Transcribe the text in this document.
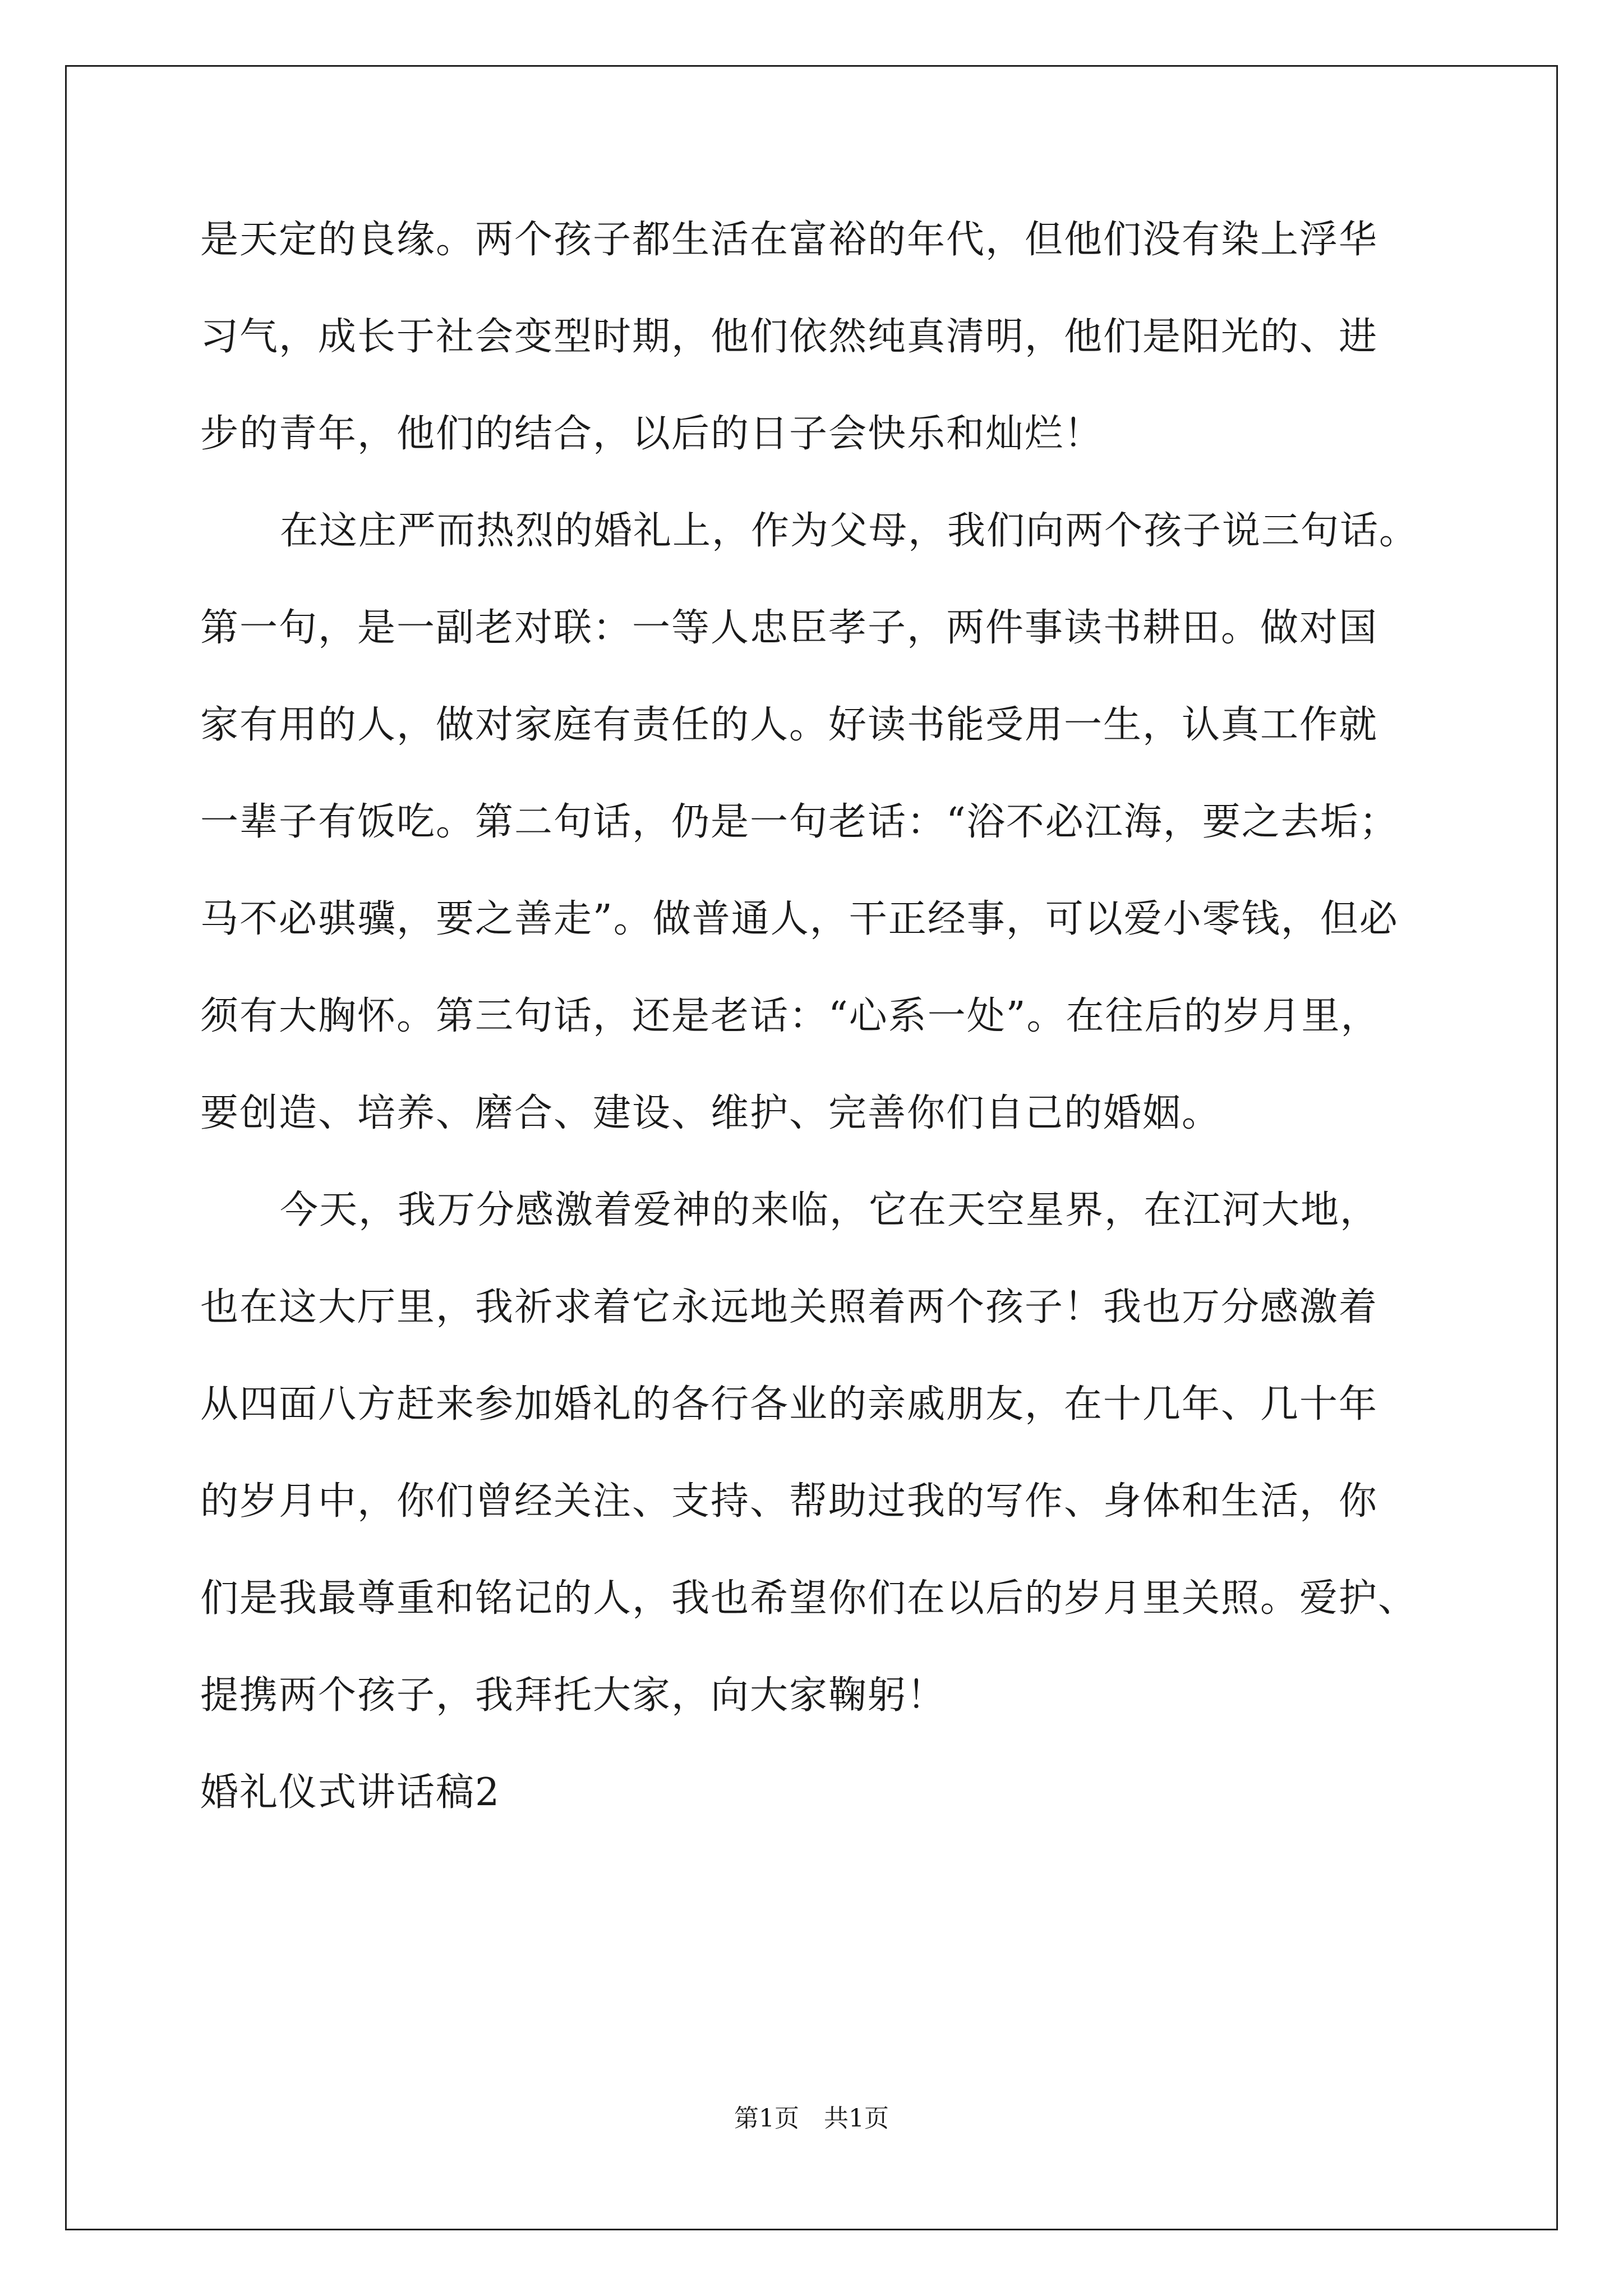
是天定的良缘。两个孩子都生活在富裕的年代，但他们没有染上浮华
习气，成长于社会变型时期，他们依然纯真清明，他们是阳光的、进
步的青年，他们的结合，以后的日子会快乐和灿烂！
在这庄严而热烈的婚礼上，作为父母，我们向两个孩子说三句话。
第一句，是一副老对联：一等人忠臣孝子，两件事读书耕田。做对国
家有用的人，做对家庭有责任的人。好读书能受用一生，认真工作就
一辈子有饭吃。第二句话，仍是一句老话：“浴不必江海，要之去垢；
马不必骐骥，要之善走”。做普通人，干正经事，可以爱小零钱，但必
须有大胸怀。第三句话，还是老话：“心系一处”。在往后的岁月里，
要创造、培养、磨合、建设、维护、完善你们自己的婚姻。
今天，我万分感激着爱神的来临，它在天空星界，在江河大地，
也在这大厅里，我祈求着它永远地关照着两个孩子！我也万分感激着
从四面八方赶来参加婚礼的各行各业的亲戚朋友，在十几年、几十年
的岁月中，你们曾经关注、支持、帮助过我的写作、身体和生活，你
们是我最尊重和铭记的人，我也希望你们在以后的岁月里关照。爱护、
提携两个孩子，我拜托大家，向大家鞠躬！
婚礼仪式讲话稿2
第1页　共1页
